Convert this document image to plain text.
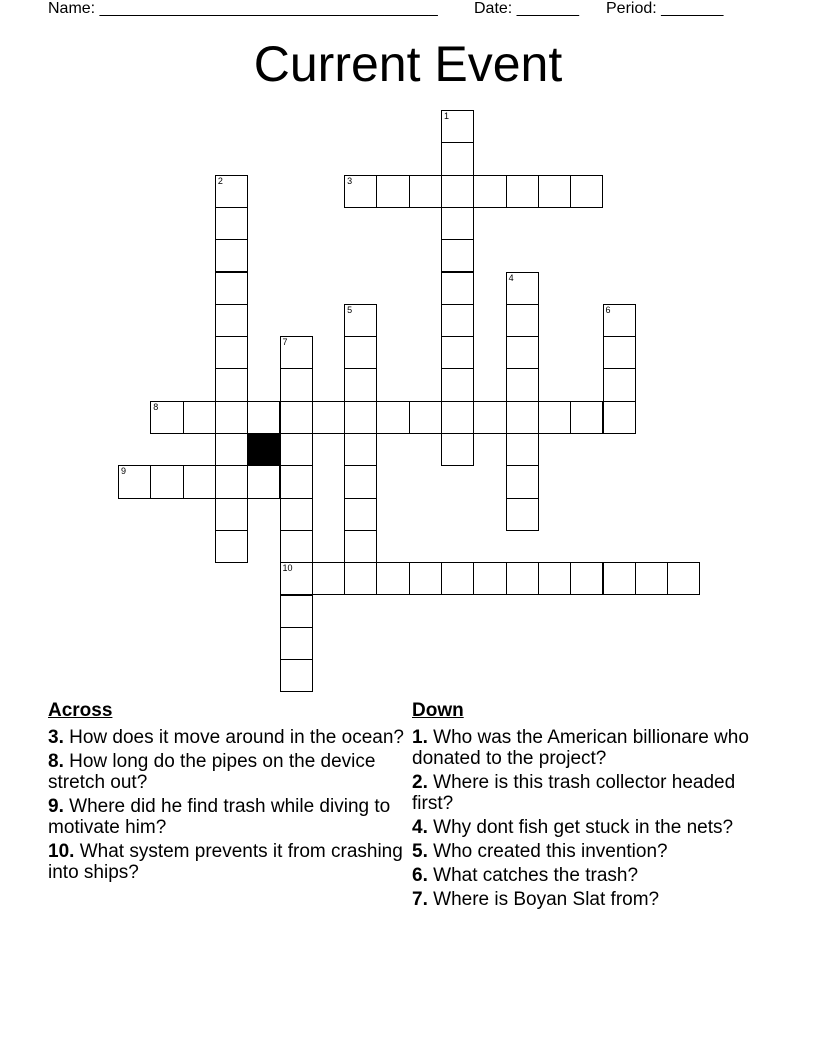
Name: ______________________________________ Date: _______ Period: _______
Current Event
1
2	3
4
5	6
7
10
8
9
Across
3. How does it move around in the ocean?
8. How long do the pipes on the device stretch out?
9. Where did he find trash while diving to motivate him?
10. What system prevents it from crashing into ships?
Down
1. Who was the American billionare who donated to the project?
2. Where is this trash collector headed first?
4. Why dont fish get stuck in the nets?
5. Who created this invention?
6. What catches the trash?
7. Where is Boyan Slat from?
